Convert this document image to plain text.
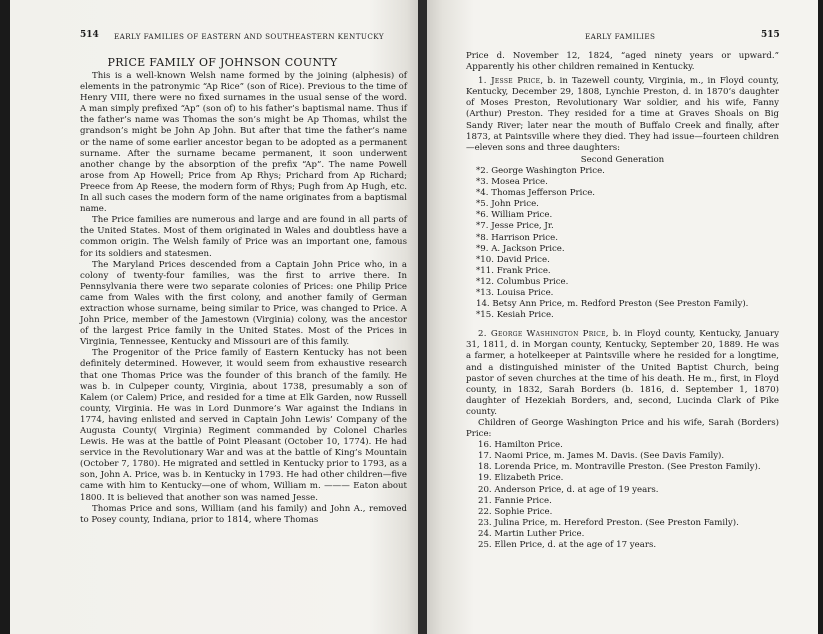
514 EARLY FAMILIES OF EASTERN AND SOUTHEASTERN KENTUCKY
PRICE FAMILY OF JOHNSON COUNTY

This is a well-known Welsh name formed by the joining (alphesis) of elements in the patronymic “Ap Rice” (son of Rice). Previous to the time of Henry VIII, there were no fixed surnames in the usual sense of the word. A man simply prefixed “Ap” (son of) to his father’s baptismal name. Thus if the father’s name was Thomas the son’s might be Ap Thomas, whilst the grandson’s might be John Ap John. But after that time the father’s name or the name of some earlier ancestor began to be adopted as a permanent surname. After the surname became permanent, it soon underwent another change by the absorption of the prefix “Ap”. The name Powell arose from Ap Howell; Price from Ap Rhys; Prichard from Ap Richard; Preece from Ap Reese, the modern form of Rhys; Pugh from Ap Hugh, etc. In all such cases the modern form of the name originates from a baptismal name.

The Price families are numerous and large and are found in all parts of the United States. Most of them originated in Wales and doubtless have a common origin. The Welsh family of Price was an important one, famous for its soldiers and statesmen.

The Maryland Prices descended from a Captain John Price who, in a colony of twenty-four families, was the first to arrive there. In Pennsylvania there were two separate colonies of Prices: one Philip Price came from Wales with the first colony, and another family of German extraction whose surname, being similar to Price, was changed to Price. A John Price, member of the Jamestown (Virginia) colony, was the ancestor of the largest Price family in the United States. Most of the Prices in Virginia, Tennessee, Kentucky and Missouri are of this family.

The Progenitor of the Price family of Eastern Kentucky has not been definitely determined. However, it would seem from exhaustive research that one Thomas Price was the founder of this branch of the family. He was b. in Culpeper county, Virginia, about 1738, presumably a son of Kalem (or Calem) Price, and resided for a time at Elk Garden, now Russell county, Virginia. He was in Lord Dunmore’s War against the Indians in 1774, having enlisted and served in Captain John Lewis’ Company of the Augusta County( Virginia) Regiment commanded by Colonel Charles Lewis. He was at the battle of Point Pleasant (October 10, 1774). He had service in the Revolutionary War and was at the battle of King’s Mountain (October 7, 1780). He migrated and settled in Kentucky prior to 1793, as a son, John A. Price, was b. in Kentucky in 1793. He had other children—five came with him to Kentucky—one of whom, William m. ——— Eaton about 1800. It is believed that another son was named Jesse.

Thomas Price and sons, William (and his family) and John A., removed to Posey county, Indiana, prior to 1814, where Thomas

EARLY FAMILIES	515

Price d. November 12, 1824, “aged ninety years or upward.” Apparently his other children remained in Kentucky.

1. Jesse Price, b. in Tazewell county, Virginia, m., in Floyd county, Kentucky, December 29, 1808, Lynchie Preston, d. in 1870’s daughter of Moses Preston, Revolutionary War soldier, and his wife, Fanny (Arthur) Preston. They resided for a time at Graves Shoals on Big Sandy River; later near the mouth of Buffalo Creek and finally, after 1873, at Paintsville where they died. They had issue—fourteen children—eleven sons and three daughters:

Second Generation
*2. George Washington Price.
*3. Mosea Price.
*4. Thomas Jefferson Price.
*5. John Price.
*6. William Price.
*7. Jesse Price, Jr.
*8. Harrison Price.
*9. A. Jackson Price.
*10. David Price.
*11. Frank Price.
*12. Columbus Price.
*13. Louisa Price.
14. Betsy Ann Price, m. Redford Preston (See Preston Family).
*15. Kesiah Price.

2. George Washington Price, b. in Floyd county, Kentucky, January 31, 1811, d. in Morgan county, Kentucky, September 20, 1889. He was a farmer, a hotelkeeper at Paintsville where he resided for a longtime, and a distinguished minister of the United Baptist Church, being pastor of seven churches at the time of his death. He m., first, in Floyd county, in 1832, Sarah Borders (b. 1816, d. September 1, 1870) daughter of Hezekiah Borders, and, second, Lucinda Clark of Pike county.

Children of George Washington Price and his wife, Sarah (Borders) Price:

16. Hamilton Price.
17. Naomi Price, m. James M. Davis. (See Davis Family).
18. Lorenda Price, m. Montraville Preston. (See Preston Family).
19. Elizabeth Price.
20. Anderson Price, d. at age of 19 years.
21. Fannie Price.
22. Sophie Price.
23. Julina Price, m. Hereford Preston. (See Preston Family).
24. Martin Luther Price.
25. Ellen Price, d. at the age of 17 years.
